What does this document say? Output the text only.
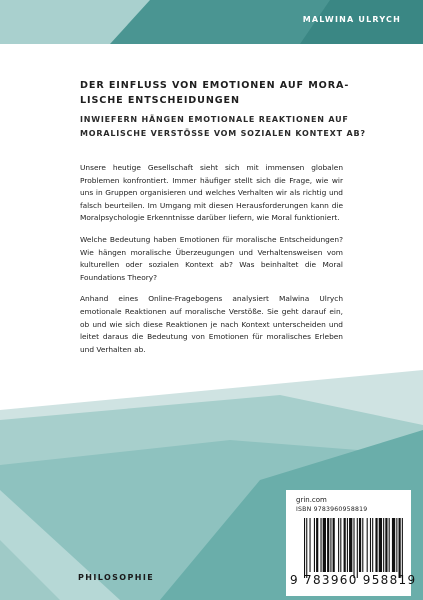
MALWINA ULRYCH
DER EINFLUSS VON EMOTIONEN AUF MORA-
LISCHE ENTSCHEIDUNGEN
INWIEFERN HÄNGEN EMOTIONALE REAKTIONEN AUF
MORALISCHE VERSTÖSSE VOM SOZIALEN KONTEXT AB?

Unsere heutige Gesellschaft sieht sich mit immensen globalen Problemen konfrontiert. Immer häufiger stellt sich die Frage, wie wir uns in Gruppen organisieren und welches Verhalten wir als richtig und falsch beurteilen. Im Umgang mit diesen Herausforderungen kann die Moralpsychologie Erkenntnisse darüber liefern, wie Moral funktioniert.

Welche Bedeutung haben Emotionen für moralische Entscheidungen? Wie hängen moralische Überzeugungen und Verhaltensweisen vom kulturellen oder sozialen Kontext ab? Was beinhaltet die Moral Foundations Theory?

Anhand eines Online-Fragebogens analysiert Malwina Ulrych emotionale Reaktionen auf moralische Verstöße. Sie geht darauf ein, ob und wie sich diese Reaktionen je nach Kontext unterscheiden und leitet daraus die Bedeutung von Emotionen für moralisches Erleben und Verhalten ab.

PHILOSOPHIE
grin.com
ISBN 9783960958819
9 783960 958819
